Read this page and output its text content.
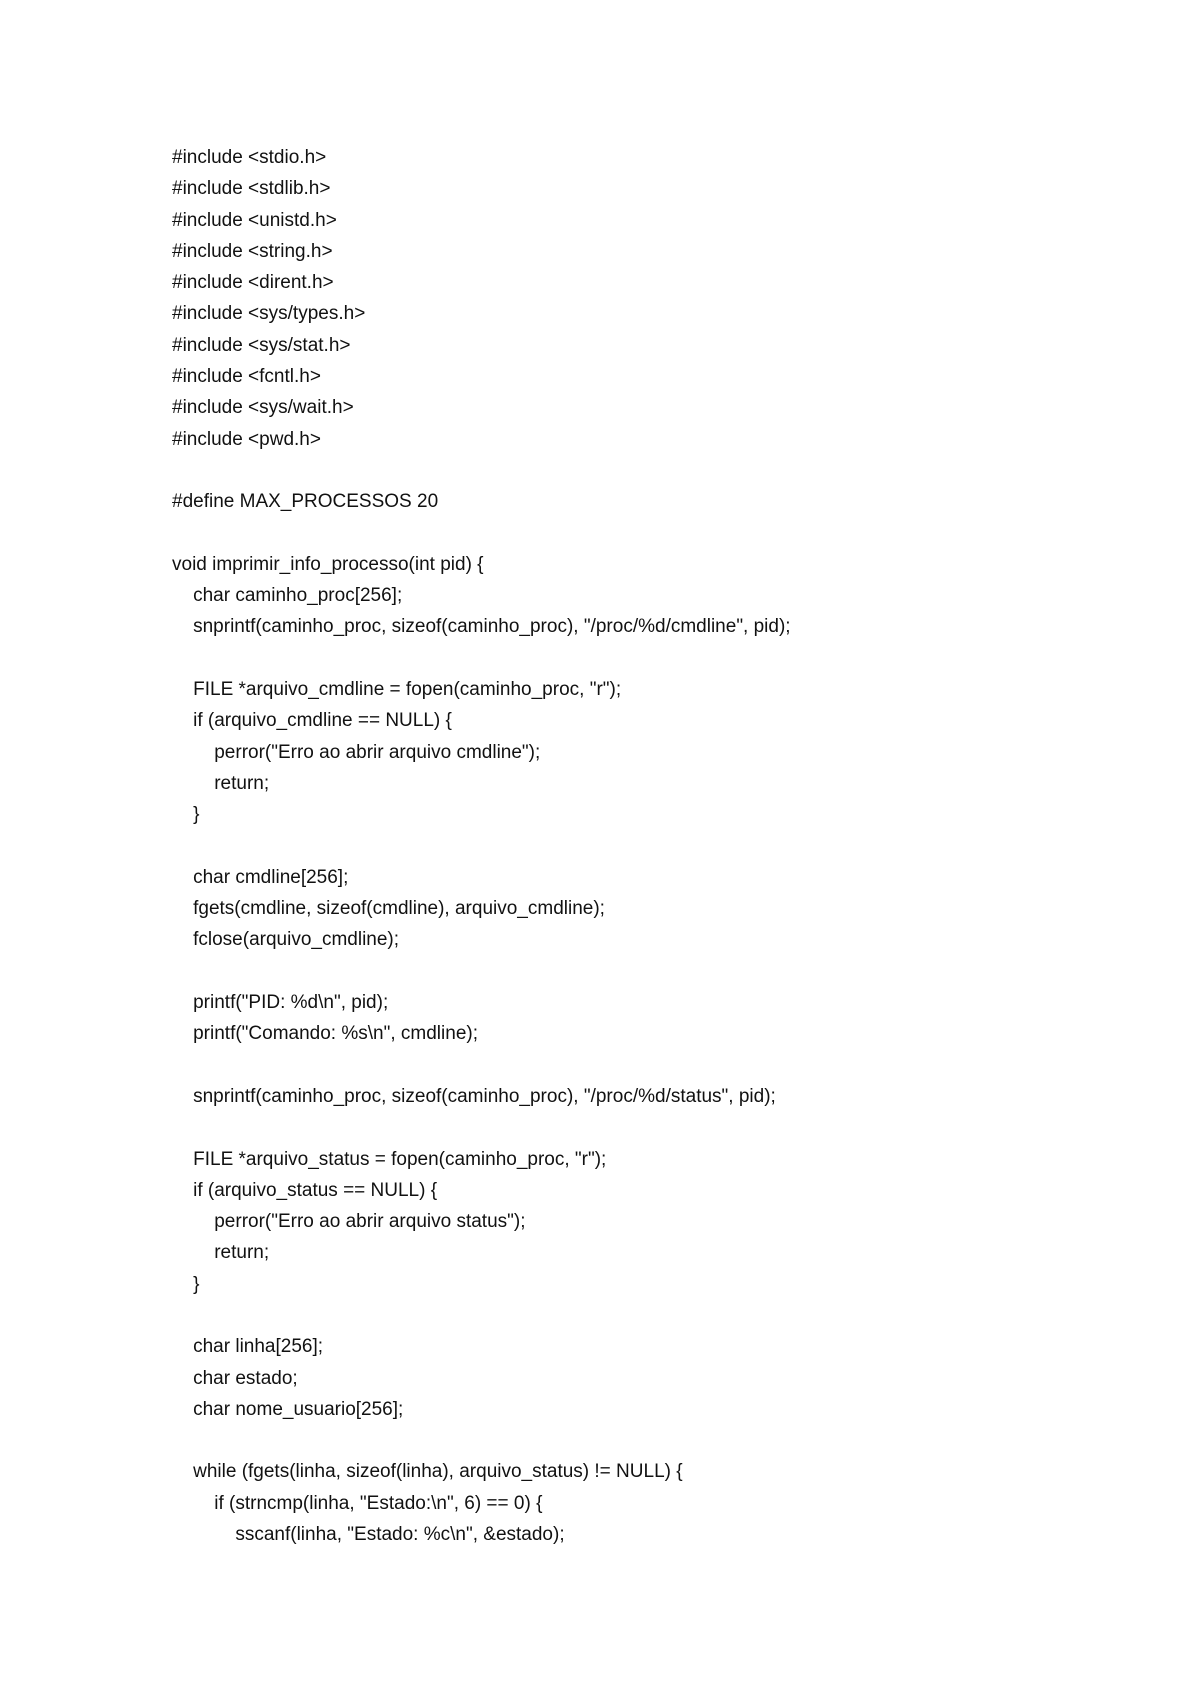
#include <stdio.h>
#include <stdlib.h>
#include <unistd.h>
#include <string.h>
#include <dirent.h>
#include <sys/types.h>
#include <sys/stat.h>
#include <fcntl.h>
#include <sys/wait.h>
#include <pwd.h>
#define MAX_PROCESSOS 20
void imprimir_info_processo(int pid) {
char caminho_proc[256];
snprintf(caminho_proc, sizeof(caminho_proc), "/proc/%d/cmdline", pid);
FILE *arquivo_cmdline = fopen(caminho_proc, "r");
if (arquivo_cmdline == NULL) {
perror("Erro ao abrir arquivo cmdline");
return;
}
char cmdline[256];
fgets(cmdline, sizeof(cmdline), arquivo_cmdline);
fclose(arquivo_cmdline);
printf("PID: %d\n", pid);
printf("Comando: %s\n", cmdline);
snprintf(caminho_proc, sizeof(caminho_proc), "/proc/%d/status", pid);
FILE *arquivo_status = fopen(caminho_proc, "r");
if (arquivo_status == NULL) {
perror("Erro ao abrir arquivo status");
return;
}
char linha[256];
char estado;
char nome_usuario[256];
while (fgets(linha, sizeof(linha), arquivo_status) != NULL) {
if (strncmp(linha, "Estado:\n", 6) == 0) {
sscanf(linha, "Estado: %c\n", &estado);
